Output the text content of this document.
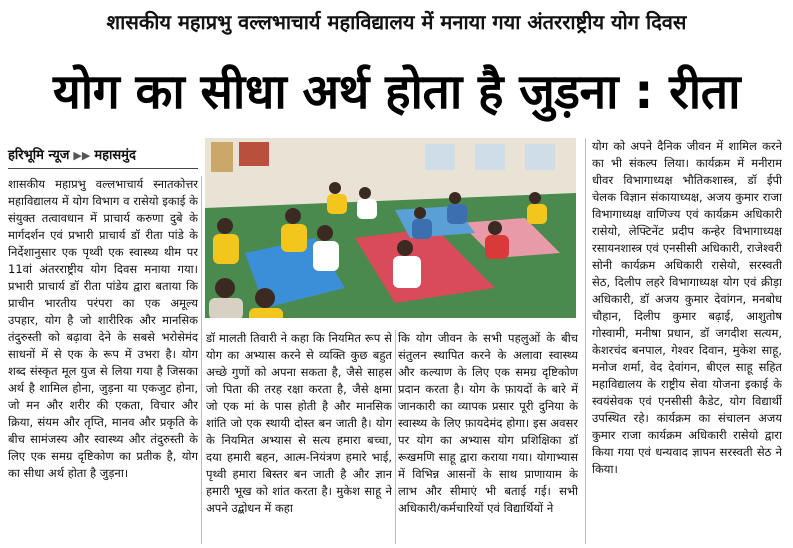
शासकीय महाप्रभु वल्लभाचार्य महाविद्यालय में मनाया गया अंतरराष्ट्रीय योग दिवस
योग का सीधा अर्थ होता है जुड़ना : रीता
हरिभूमि न्यूज ▶▶ महासमुंद

शासकीय महाप्रभु वल्लभाचार्य स्नातकोत्तर महाविद्यालय में योग विभाग व रासेयो इकाई के संयुक्त तत्वावधान में प्राचार्य करुणा दुबे के मार्गदर्शन एवं प्रभारी प्राचार्य डॉ रीता पांडे के निर्देशानुसार एक पृथ्वी एक स्वास्थ्य थीम पर 11वां अंतरराष्ट्रीय योग दिवस मनाया गया। प्रभारी प्राचार्य डॉ रीता पांडेय द्वारा बताया कि प्राचीन भारतीय परंपरा का एक अमूल्य उपहार, योग है जो शारीरिक और मानसिक तंदुरुस्ती को बढ़ावा देने के सबसे भरोसेमंद साधनों में से एक के रूप में उभरा है। योग शब्द संस्कृत मूल युज से लिया गया है जिसका अर्थ है शामिल होना, जुड़ना या एकजुट होना, जो मन और शरीर की एकता, विचार और क्रिया, संयम और तृप्ति, मानव और प्रकृति के बीच सामंजस्य और स्वास्थ्य और तंदुरुस्ती के लिए एक समग्र दृष्टिकोण का प्रतीक है, योग का सीधा अर्थ होता है जुड़ना।

डॉ मालती तिवारी ने कहा कि नियमित रूप से योग का अभ्यास करने से व्यक्ति कुछ बहुत अच्छे गुणों को अपना सकता है, जैसे साहस जो पिता की तरह रक्षा करता है, जैसे क्षमा जो एक मां के पास होती है और मानसिक शांति जो एक स्थायी दोस्त बन जाती है। योग के नियमित अभ्यास से सत्य हमारा बच्चा, दया हमारी बहन, आत्म-नियंत्रण हमारे भाई, पृथ्वी हमारा बिस्तर बन जाती है और ज्ञान हमारी भूख को शांत करता है। मुकेश साहू ने अपने उद्बोधन में कहा

कि योग जीवन के सभी पहलुओं के बीच संतुलन स्थापित करने के अलावा स्वास्थ्य और कल्याण के लिए एक समग्र दृष्टिकोण प्रदान करता है। योग के फ़ायदों के बारे में जानकारी का व्यापक प्रसार पूरी दुनिया के स्वास्थ्य के लिए फ़ायदेमंद होगा। इस अवसर पर योग का अभ्यास योग प्रशिक्षिका डॉ रूखमणि साहू द्वारा कराया गया। योगाभ्यास में विभिन्न आसनों के साथ प्राणायाम के लाभ और सीमाएं भी बताई गई। सभी अधिकारी/कर्मचारियों एवं विद्यार्थियों ने

योग को अपने दैनिक जीवन में शामिल करने का भी संकल्प लिया। कार्यक्रम में मनीराम धीवर विभागाध्यक्ष भौतिकशास्त्र, डॉ ईपी चेलक विज्ञान संकायाध्यक्ष, अजय कुमार राजा विभागाध्यक्ष वाणिज्य एवं कार्यक्रम अधिकारी रासेयो, लेफ्टिनेंट प्रदीप कन्हेर विभागाध्यक्ष रसायनशास्त्र एवं एनसीसी अधिकारी, राजेश्वरी सोनी कार्यक्रम अधिकारी रासेयो, सरस्वती सेठ, दिलीप लहरे विभागाध्यक्ष योग एवं क्रीड़ा अधिकारी, डॉ अजय कुमार देवांगन, मनबोध चौहान, दिलीप कुमार बढ़ाई, आशुतोष गोस्वामी, मनीषा प्रधान, डॉ जगदीश सत्यम, केशरचंद बनपाल, गेश्वर दिवान, मुकेश साहू, मनोज शर्मा, वेद देवांगन, बीएल साहू सहित महाविद्यालय के राष्ट्रीय सेवा योजना इकाई के स्वयंसेवक एवं एनसीसी कैडेट, योग विद्यार्थी उपस्थित रहे। कार्यक्रम का संचालन अजय कुमार राजा कार्यक्रम अधिकारी रासेयो द्वारा किया गया एवं धन्यवाद ज्ञापन सरस्वती सेठ ने किया।
